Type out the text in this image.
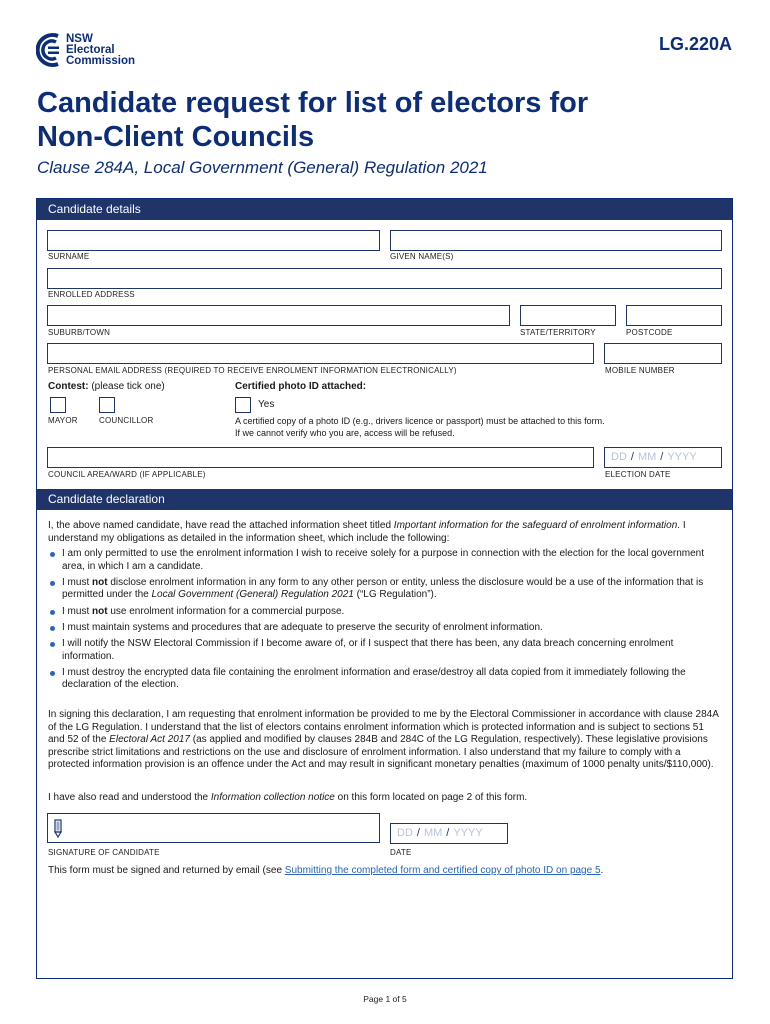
NSW
Electoral
Commission
LG.220A
Candidate request for list of electors for
Non-Client Councils
Clause 284A, Local Government (General) Regulation 2021
Candidate details
SURNAME	GIVEN NAME(S)
ENROLLED ADDRESS
SUBURB/TOWN	STATE/TERRITORY	POSTCODE
PERSONAL EMAIL ADDRESS (REQUIRED TO RECEIVE ENROLMENT INFORMATION ELECTRONICALLY)	MOBILE NUMBER
Contest: (please tick one)
MAYOR	COUNCILLOR
Certified photo ID attached:
Yes
A certified copy of a photo ID (e.g., drivers licence or passport) must be attached to this form.
If we cannot verify who you are, access will be refused.
COUNCIL AREA/WARD (IF APPLICABLE)
DD / MM / YYYY
ELECTION DATE
Candidate declaration
I, the above named candidate, have read the attached information sheet titled Important information for the safeguard of enrolment information. I understand my obligations as detailed in the information sheet, which include the following:
I am only permitted to use the enrolment information I wish to receive solely for a purpose in connection with the election for the local government area, in which I am a candidate.
I must not disclose enrolment information in any form to any other person or entity, unless the disclosure would be a use of the information that is permitted under the Local Government (General) Regulation 2021 (“LG Regulation”).
I must not use enrolment information for a commercial purpose.
I must maintain systems and procedures that are adequate to preserve the security of enrolment information.
I will notify the NSW Electoral Commission if I become aware of, or if I suspect that there has been, any data breach concerning enrolment information.
I must destroy the encrypted data file containing the enrolment information and erase/destroy all data copied from it immediately following the declaration of the election.
In signing this declaration, I am requesting that enrolment information be provided to me by the Electoral Commissioner in accordance with clause 284A of the LG Regulation. I understand that the list of electors contains enrolment information which is protected information and is subject to sections 51 and 52 of the Electoral Act 2017 (as applied and modified by clauses 284B and 284C of the LG Regulation, respectively). These legislative provisions prescribe strict limitations and restrictions on the use and disclosure of enrolment information. I also understand that my failure to comply with a protected information provision is an offence under the Act and may result in significant monetary penalties (maximum of 1000 penalty units/$110,000).
I have also read and understood the Information collection notice on this form located on page 2 of this form.
SIGNATURE OF CANDIDATE
DD / MM / YYYY
DATE
This form must be signed and returned by email (see Submitting the completed form and certified copy of photo ID on page 5.
Page 1 of 5
